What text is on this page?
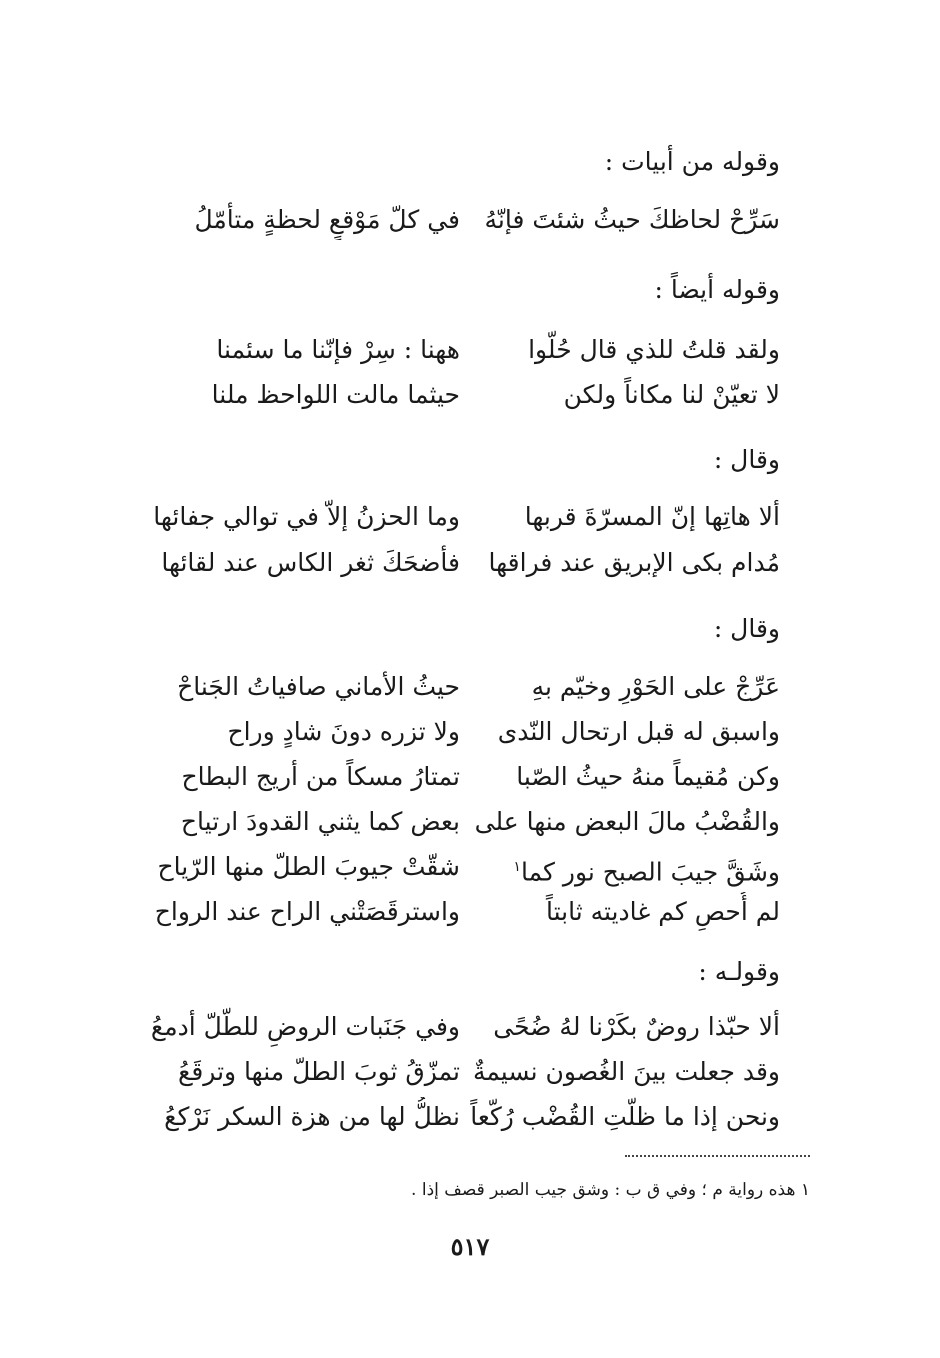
وقوله من أبيات :
سَرِّحْ لحاظكَ حيثُ شئتَ فإنّهُ
في كلّ مَوْقعٍ لحظةٍ متأمّلُ
وقوله أيضاً :
ولقد قلتُ للذي قال حُلّوا
ههنا : سِرْ فإنّنا ما سئمنا
لا تعيّنْ لنا مكاناً ولكن
حيثما مالت اللواحظ ملنا
وقال :
ألا هاتِها إنّ المسرّةَ قربها
وما الحزنُ إلاّ في توالي جفائها
مُدام بكى الإبريق عند فراقها
فأضحَكَ ثغر الكاس عند لقائها
وقال :
عَرِّجْ على الحَوْرِ وخيّم بهِ
حيثُ الأماني صافياتُ الجَناحْ
واسبق له قبل ارتحال النّدى
ولا تزره دونَ شادٍ وراح
وكن مُقيماً منهُ حيثُ الصّبا
تمتارُ مسكاً من أريج البطاح
والقُضْبُ مالَ البعض منها على
بعض كما يثني القدودَ ارتياح
وشَقَّ جيبَ الصبح نور كما$^١$
شقّتْ جيوبَ الطلّ منها الرّياح
لم أُحصِ كم غاديته ثابتاً
واسترقَصَتْني الراح عند الرواح
وقولـه :
ألا حبّذا روضٌ بكَرْنا لهُ ضُحًى
وفي جَنَبات الروضِ للطّلّ أدمعُ
وقد جعلت بينَ الغُصون نسيمةٌ
تمزّقُ ثوبَ الطلّ منها وترقَعُ
ونحن إذا ما ظلّتِ القُضْب رُكّعاً
نظلُّ لها من هزة السكر نَرْكعُ
١ هذه رواية م ؛ وفي ق ب : وشق جيب الصبر قصف إذا .
٥١٧
